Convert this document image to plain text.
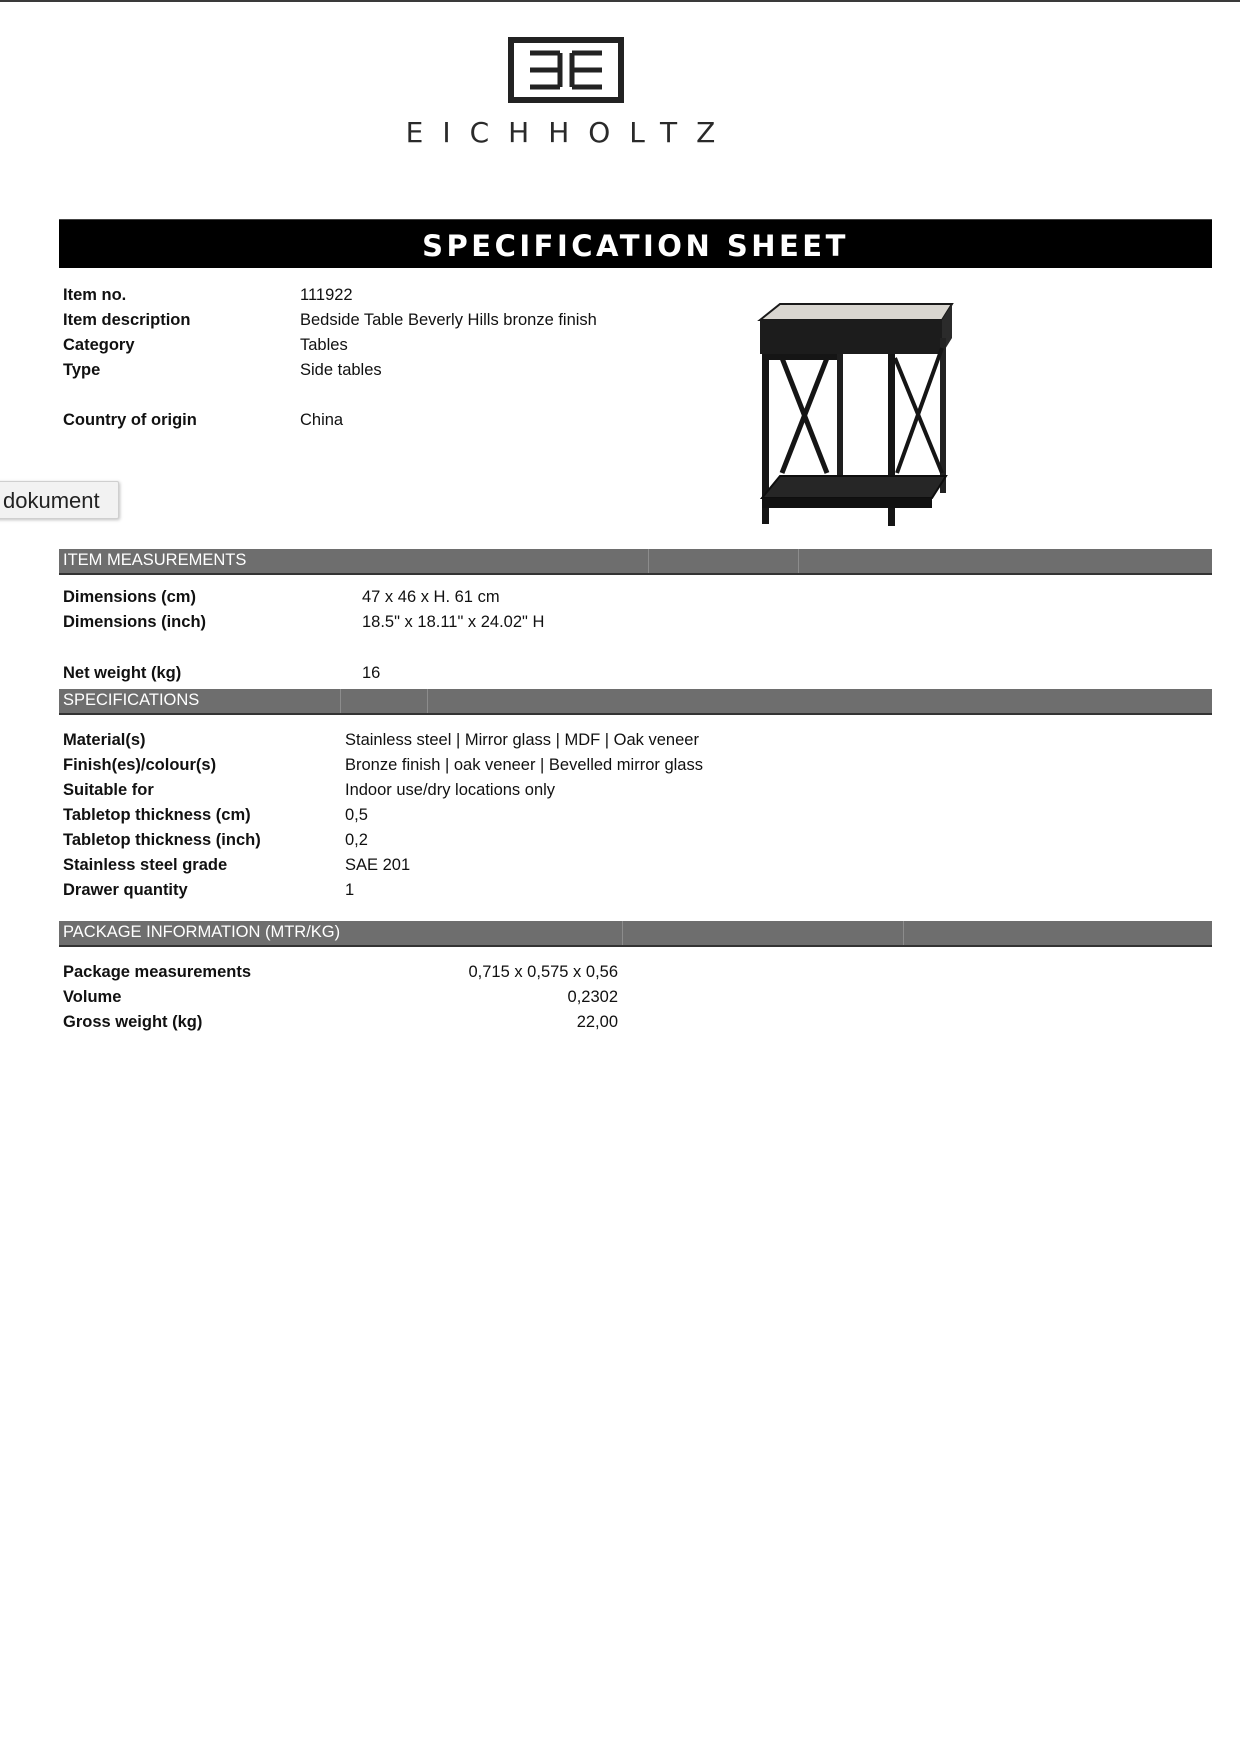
EICHHOLTZ
SPECIFICATION SHEET
Item no.	111922
Item description	Bedside Table Beverly Hills bronze finish
Category	Tables
Type	Side tables
Country of origin	China
dokument
ITEM MEASUREMENTS
Dimensions (cm)	47 x 46 x H. 61 cm
Dimensions (inch)	18.5" x 18.11" x 24.02" H
Net weight (kg)	16
SPECIFICATIONS
Material(s)	Stainless steel | Mirror glass | MDF | Oak veneer
Finish(es)/colour(s)	Bronze finish | oak veneer | Bevelled mirror glass
Suitable for	Indoor use/dry locations only
Tabletop thickness (cm)	0,5
Tabletop thickness (inch)	0,2
Stainless steel grade	SAE 201
Drawer quantity	1
PACKAGE INFORMATION (MTR/KG)
Package measurements	0,715 x 0,575 x 0,56
Volume	0,2302
Gross weight (kg)	22,00
